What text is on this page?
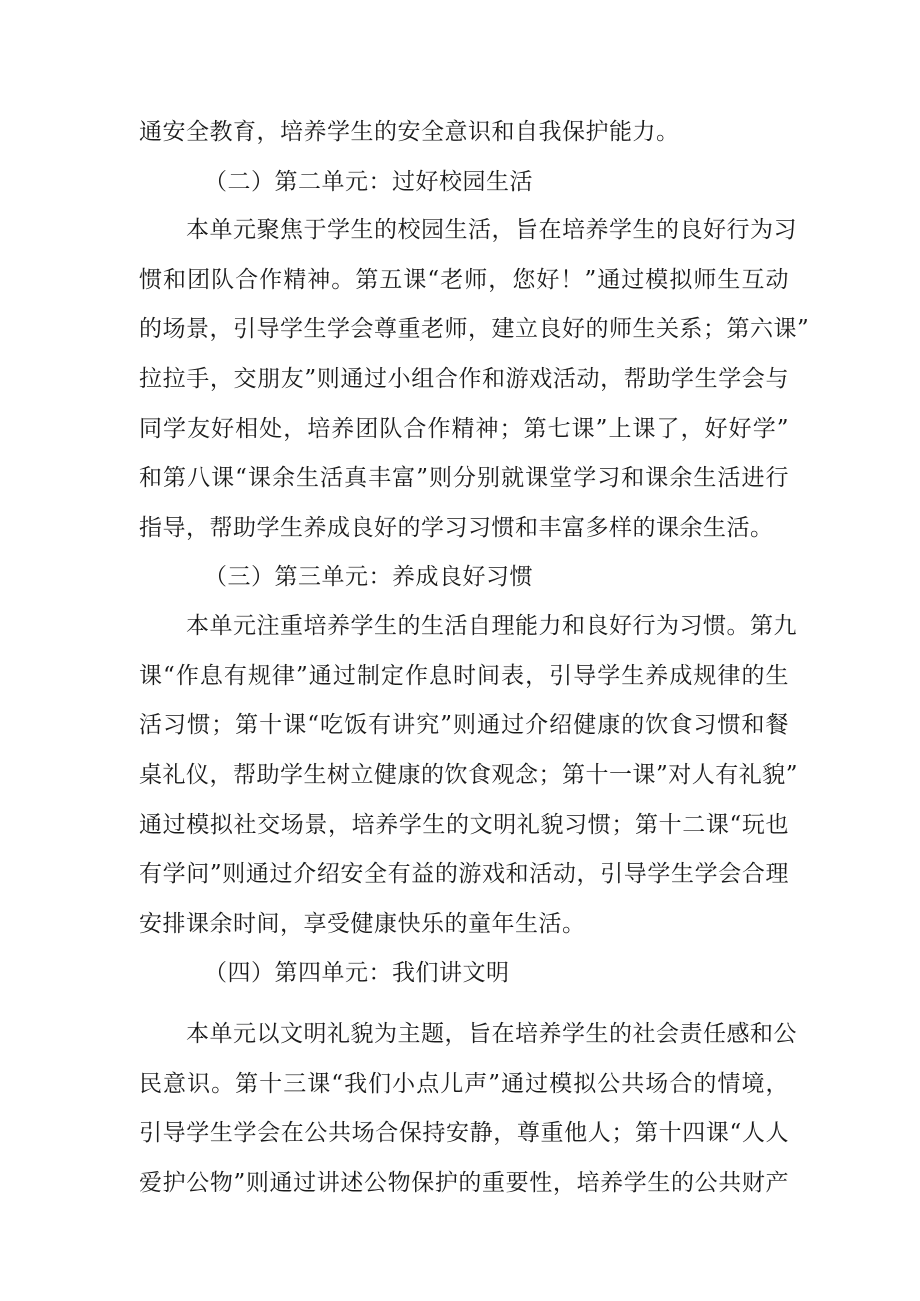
通安全教育，培养学生的安全意识和自我保护能力。
（二）第二单元：过好校园生活
本单元聚焦于学生的校园生活，旨在培养学生的良好行为习
惯和团队合作精神。第五课“老师，您好！”通过模拟师生互动
的场景，引导学生学会尊重老师，建立良好的师生关系；第六课”
拉拉手，交朋友”则通过小组合作和游戏活动，帮助学生学会与
同学友好相处，培养团队合作精神；第七课”上课了，好好学”
和第八课“课余生活真丰富”则分别就课堂学习和课余生活进行
指导，帮助学生养成良好的学习习惯和丰富多样的课余生活。
（三）第三单元：养成良好习惯
本单元注重培养学生的生活自理能力和良好行为习惯。第九
课“作息有规律”通过制定作息时间表，引导学生养成规律的生
活习惯；第十课“吃饭有讲究”则通过介绍健康的饮食习惯和餐
桌礼仪，帮助学生树立健康的饮食观念；第十一课”对人有礼貌”
通过模拟社交场景，培养学生的文明礼貌习惯；第十二课“玩也
有学问”则通过介绍安全有益的游戏和活动，引导学生学会合理
安排课余时间，享受健康快乐的童年生活。
（四）第四单元：我们讲文明
本单元以文明礼貌为主题，旨在培养学生的社会责任感和公
民意识。第十三课“我们小点儿声”通过模拟公共场合的情境，
引导学生学会在公共场合保持安静，尊重他人；第十四课“人人
爱护公物”则通过讲述公物保护的重要性，培养学生的公共财产
